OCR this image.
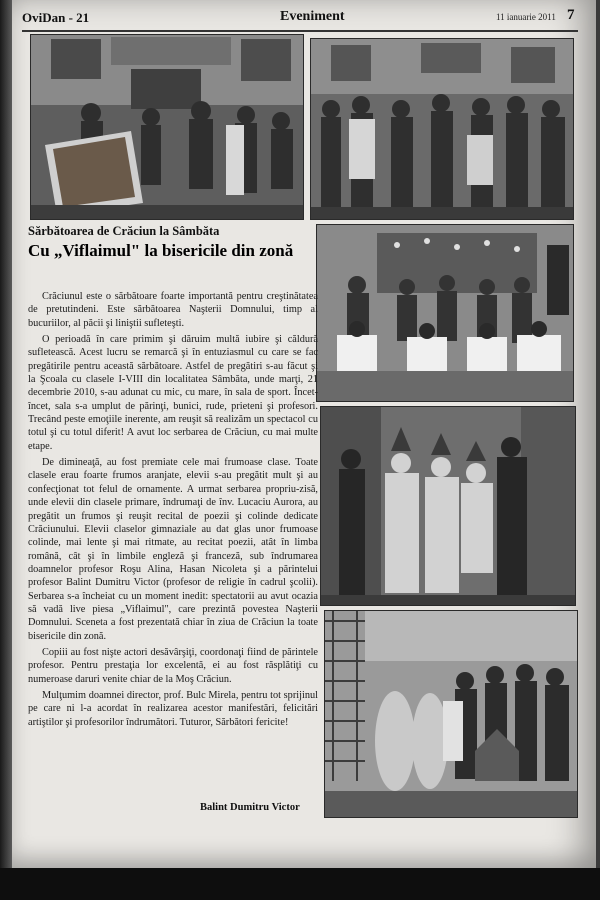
OviDan - 21	Eveniment	11 ianuarie 2011 7
Sărbătoarea de Crăciun la Sâmbăta
Cu „Viflaimul" la bisericile din zonă

Crăciunul este o sărbătoare foarte importantă pentru creştinătatea de pretutindeni. Este sărbătoarea Naşterii Domnului, timp al bucuriilor, al păcii şi liniştii sufleteşti.

O perioadă în care primim şi dăruim multă iubire şi căldură sufletească. Acest lucru se remarcă şi în entuziasmul cu care se fac pregătirile pentru această sărbătoare. Astfel de pregătiri s-au făcut şi la Şcoala cu clasele I-VIII din localitatea Sâmbăta, unde marţi, 21 decembrie 2010, s-au adunat cu mic, cu mare, în sala de sport. Încet-încet, sala s-a umplut de părinţi, bunici, rude, prieteni şi profesori. Trecând peste emoţiile inerente, am reuşit să realizăm un spectacol cu totul şi cu totul diferit! A avut loc serbarea de Crăciun, cu mai multe etape.

De dimineaţă, au fost premiate cele mai frumoase clase. Toate clasele erau foarte frumos aranjate, elevii s-au pregătit mult şi au confecţionat tot felul de ornamente. A urmat serbarea propriu-zisă, unde elevii din clasele primare, îndrumaţi de înv. Lucaciu Aurora, au pregătit un frumos şi reuşit recital de poezii şi colinde dedicate Crăciunului. Elevii claselor gimnaziale au dat glas unor frumoase colinde, mai lente şi mai ritmate, au recitat poezii, atât în limba română, cât şi în limbile engleză şi franceză, sub îndrumarea doamnelor profesor Roşu Alina, Hasan Nicoleta şi a părintelui profesor Balint Dumitru Victor (profesor de religie în cadrul şcolii). Serbarea s-a încheiat cu un moment inedit: spectatorii au avut ocazia să vadă live piesa „Viflaimul", care prezintă povestea Naşterii Domnului. Sceneta a fost prezentată chiar în ziua de Crăciun la toate bisericile din zonă.

Copiii au fost nişte actori desăvârşiţi, coordonaţi fiind de părintele profesor. Pentru prestaţia lor excelentă, ei au fost răsplătiţi cu numeroase daruri venite chiar de la Moş Crăciun.

Mulţumim doamnei director, prof. Bulc Mirela, pentru tot sprijinul pe care ni l-a acordat în realizarea acestor manifestări, felicitări artiştilor şi profesorilor îndrumători. Tuturor, Sărbători fericite!

Balint Dumitru Victor
